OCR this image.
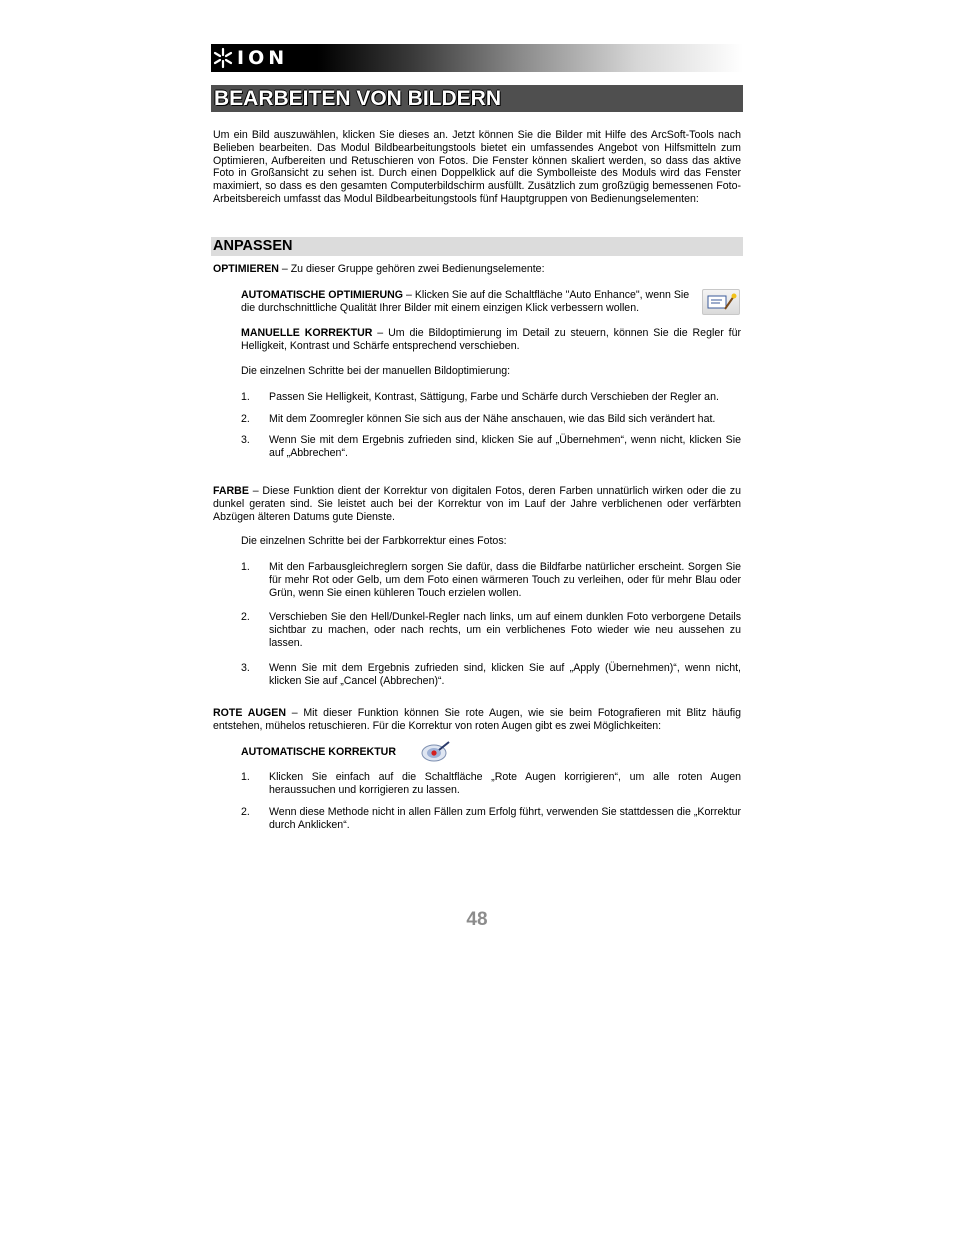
ION
BEARBEITEN VON BILDERN
Um ein Bild auszuwählen, klicken Sie dieses an. Jetzt können Sie die Bilder mit Hilfe des ArcSoft-Tools nach Belieben bearbeiten. Das Modul Bildbearbeitungstools bietet ein umfassendes Angebot von Hilfsmitteln zum Optimieren, Aufbereiten und Retuschieren von Fotos. Die Fenster können skaliert werden, so dass das aktive Foto in Großansicht zu sehen ist. Durch einen Doppelklick auf die Symbolleiste des Moduls wird das Fenster maximiert, so dass es den gesamten Computerbildschirm ausfüllt. Zusätzlich zum großzügig bemessenen Foto-Arbeitsbereich umfasst das Modul Bildbearbeitungstools fünf Hauptgruppen von Bedienungselementen:
ANPASSEN
OPTIMIEREN – Zu dieser Gruppe gehören zwei Bedienungselemente:
AUTOMATISCHE OPTIMIERUNG – Klicken Sie auf die Schaltfläche "Auto Enhance", wenn Sie die durchschnittliche Qualität Ihrer Bilder mit einem einzigen Klick verbessern wollen.
MANUELLE KORREKTUR – Um die Bildoptimierung im Detail zu steuern, können Sie die Regler für Helligkeit, Kontrast und Schärfe entsprechend verschieben.
Die einzelnen Schritte bei der manuellen Bildoptimierung:
1. Passen Sie Helligkeit, Kontrast, Sättigung, Farbe und Schärfe durch Verschieben der Regler an.
2. Mit dem Zoomregler können Sie sich aus der Nähe anschauen, wie das Bild sich verändert hat.
3. Wenn Sie mit dem Ergebnis zufrieden sind, klicken Sie auf „Übernehmen“, wenn nicht, klicken Sie auf „Abbrechen“.
FARBE – Diese Funktion dient der Korrektur von digitalen Fotos, deren Farben unnatürlich wirken oder die zu dunkel geraten sind. Sie leistet auch bei der Korrektur von im Lauf der Jahre verblichenen oder verfärbten Abzügen älteren Datums gute Dienste.
Die einzelnen Schritte bei der Farbkorrektur eines Fotos:
1. Mit den Farbausgleichreglern sorgen Sie dafür, dass die Bildfarbe natürlicher erscheint. Sorgen Sie für mehr Rot oder Gelb, um dem Foto einen wärmeren Touch zu verleihen, oder für mehr Blau oder Grün, wenn Sie einen kühleren Touch erzielen wollen.
2. Verschieben Sie den Hell/Dunkel-Regler nach links, um auf einem dunklen Foto verborgene Details sichtbar zu machen, oder nach rechts, um ein verblichenes Foto wieder wie neu aussehen zu lassen.
3. Wenn Sie mit dem Ergebnis zufrieden sind, klicken Sie auf „Apply (Übernehmen)“, wenn nicht, klicken Sie auf „Cancel (Abbrechen)“.
ROTE AUGEN – Mit dieser Funktion können Sie rote Augen, wie sie beim Fotografieren mit Blitz häufig entstehen, mühelos retuschieren. Für die Korrektur von roten Augen gibt es zwei Möglichkeiten:
AUTOMATISCHE KORREKTUR
1. Klicken Sie einfach auf die Schaltfläche „Rote Augen korrigieren“, um alle roten Augen heraussuchen und korrigieren zu lassen.
2. Wenn diese Methode nicht in allen Fällen zum Erfolg führt, verwenden Sie stattdessen die „Korrektur durch Anklicken“.
48
